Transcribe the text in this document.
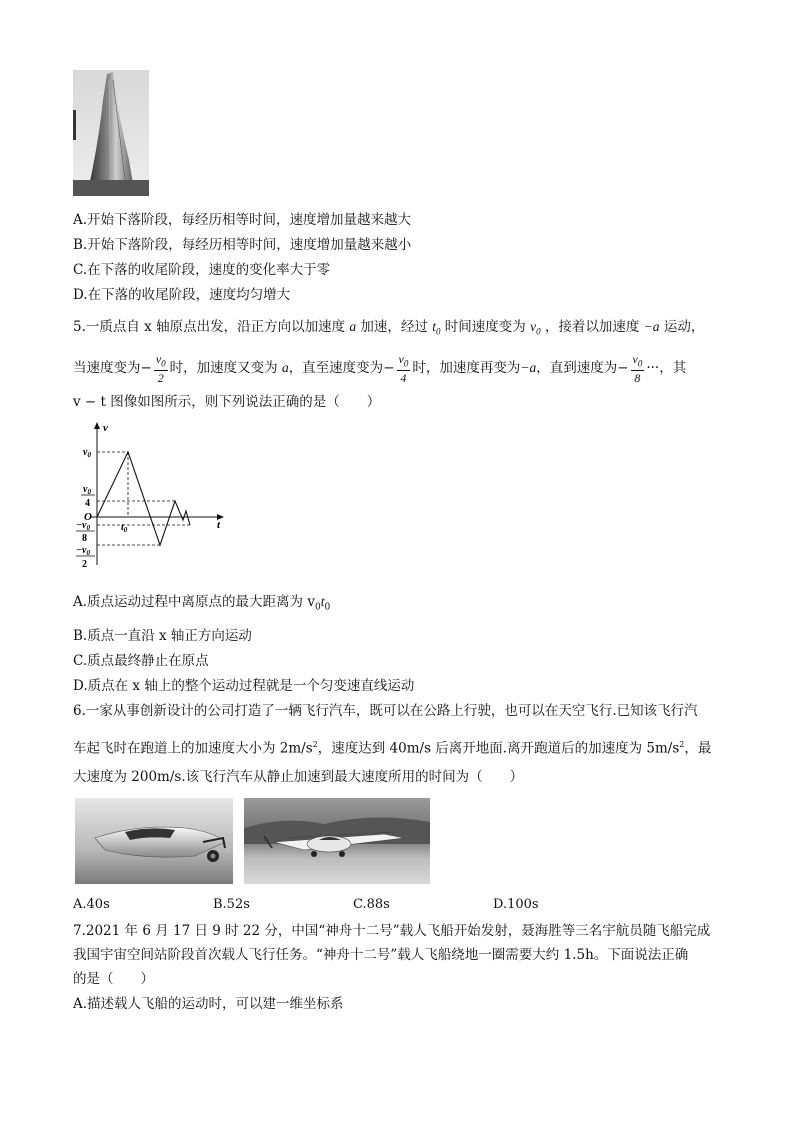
A.开始下落阶段，每经历相等时间，速度增加量越来越大
B.开始下落阶段，每经历相等时间，速度增加量越来越小
C.在下落的收尾阶段，速度的变化率大于零
D.在下落的收尾阶段，速度均匀增大
5.一质点自 x 轴原点出发，沿正方向以加速度 a 加速，经过 $t_0$ 时间速度变为 $v_0$ ，接着以加速度 −a 运动，
当速度变为− $\frac{v_0}{2}$ 时，加速度又变为 a，直至速度变为− $\frac{v_0}{4}$ 时，加速度再变为−a，直到速度为− $\frac{v_0}{8}$ ···，其
v − t 图像如图所示，则下列说法正确的是（　　）
v
t
O
$v_0$
$v_0$
4
$t_0$
$-v_0$
8
$-v_0$
2
A.质点运动过程中离原点的最大距离为 $v_0t_0$
B.质点一直沿 x 轴正方向运动
C.质点最终静止在原点
D.质点在 x 轴上的整个运动过程就是一个匀变速直线运动
6.一家从事创新设计的公司打造了一辆飞行汽车，既可以在公路上行驶，也可以在天空飞行.已知该飞行汽
车起飞时在跑道上的加速度大小为 $2m/s^2$，速度达到 40m/s 后离开地面.离开跑道后的加速度为 $5m/s^2$，最
大速度为 200m/s.该飞行汽车从静止加速到最大速度所用的时间为（　　）
A.40s	B.52s	C.88s	D.100s
7.2021 年 6 月 17 日 9 时 22 分，中国“神舟十二号”载人飞船开始发射，聂海胜等三名宇航员随飞船完成
我国宇宙空间站阶段首次载人飞行任务。“神舟十二号”载人飞船绕地一圈需要大约 1.5h。下面说法正确
的是（　　）
A.描述载人飞船的运动时，可以建一维坐标系
